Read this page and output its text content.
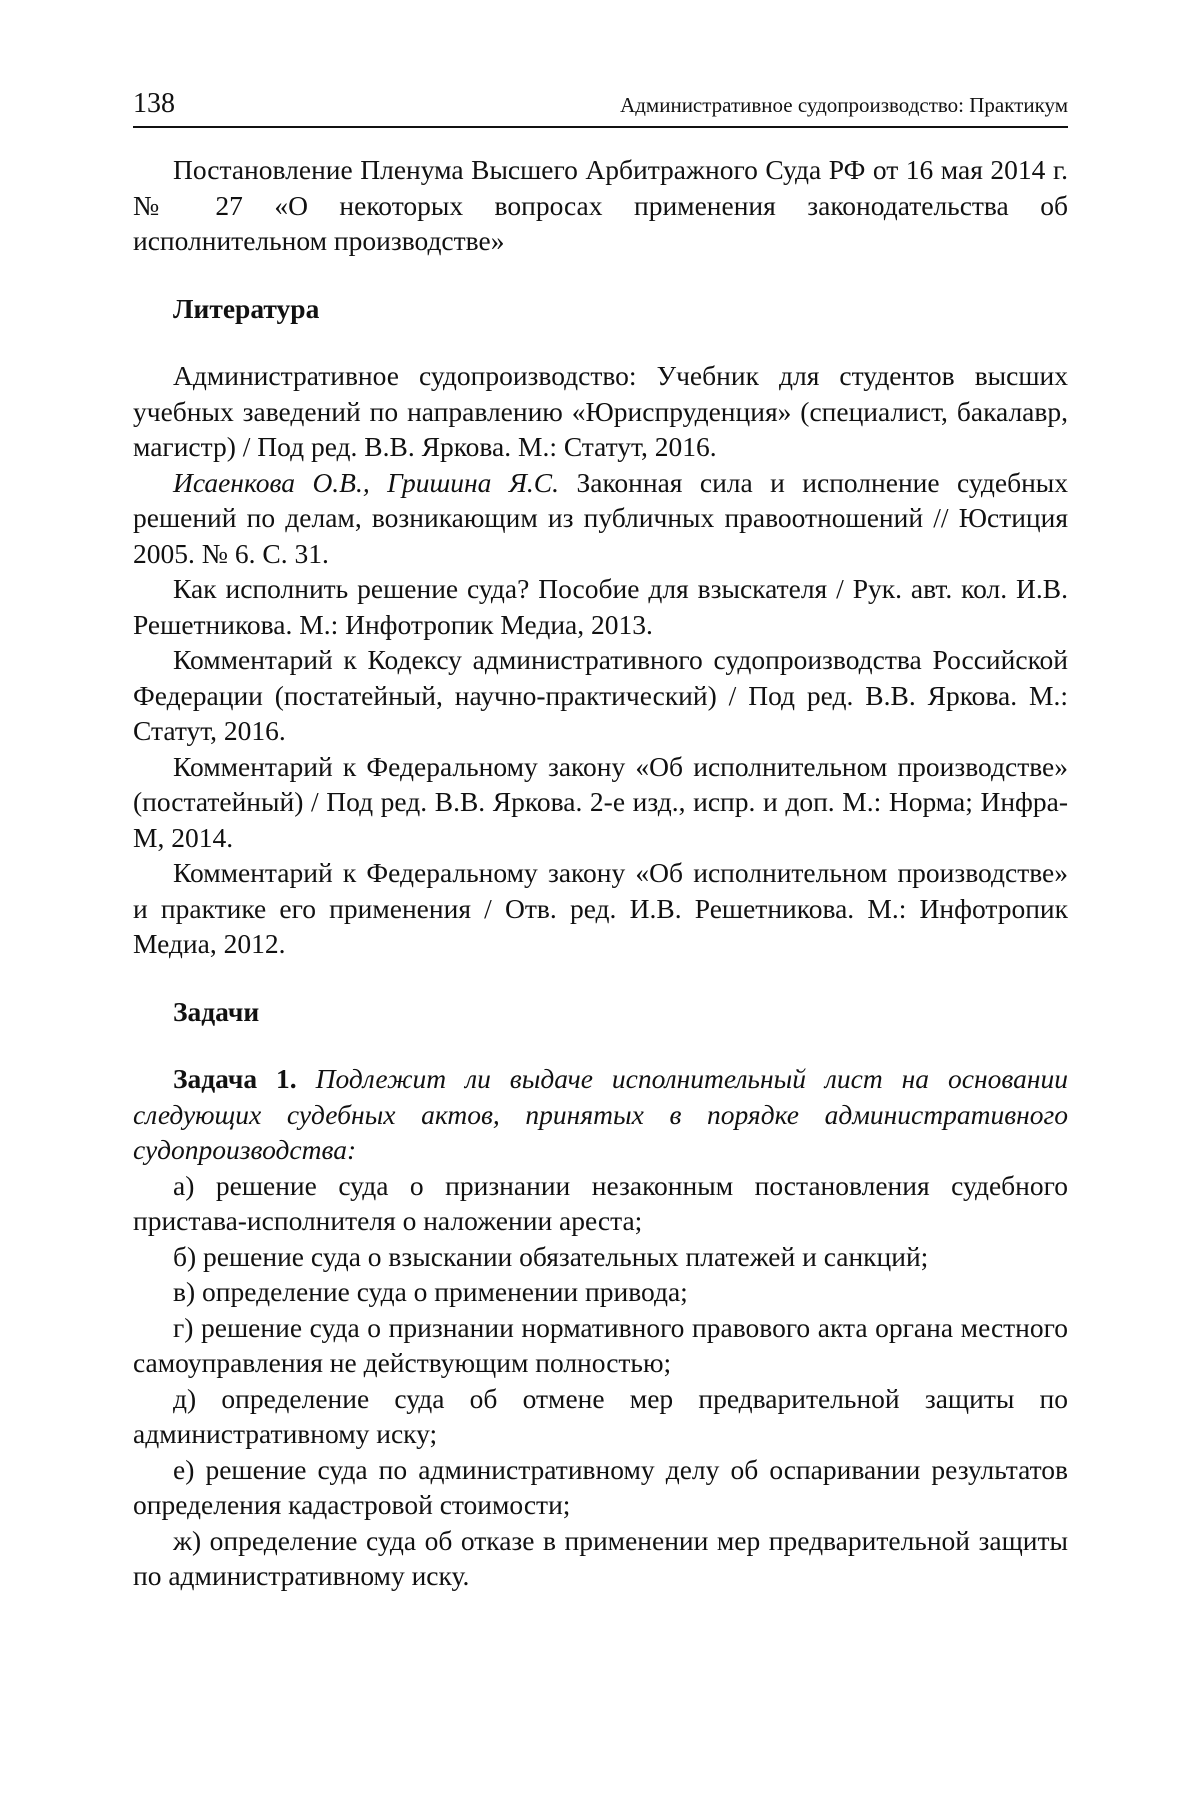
138	Административное судопроизводство: Практикум

Постановление Пленума Высшего Арбитражного Суда РФ от 16 мая 2014 г. № 27 «О некоторых вопросах применения законодательства об исполнительном производстве»

Литература

Административное судопроизводство: Учебник для студентов высших учебных заведений по направлению «Юриспруденция» (специалист, бакалавр, магистр) / Под ред. В.В. Яркова. М.: Статут, 2016.

Исаенкова О.В., Гришина Я.С. Законная сила и исполнение судебных решений по делам, возникающим из публичных правоотношений // Юстиция 2005. № 6. С. 31.

Как исполнить решение суда? Пособие для взыскателя / Рук. авт. кол. И.В. Решетникова. М.: Инфотропик Медиа, 2013.

Комментарий к Кодексу административного судопроизводства Российской Федерации (постатейный, научно-практический) / Под ред. В.В. Яркова. М.: Статут, 2016.

Комментарий к Федеральному закону «Об исполнительном производстве» (постатейный) / Под ред. В.В. Яркова. 2-е изд., испр. и доп. М.: Норма; Инфра-М, 2014.

Комментарий к Федеральному закону «Об исполнительном производстве» и практике его применения / Отв. ред. И.В. Решетникова. М.: Инфотропик Медиа, 2012.

Задачи

Задача 1. Подлежит ли выдаче исполнительный лист на основании следующих судебных актов, принятых в порядке административного судопроизводства:

а) решение суда о признании незаконным постановления судебного пристава-исполнителя о наложении ареста;

б) решение суда о взыскании обязательных платежей и санкций;

в) определение суда о применении привода;

г) решение суда о признании нормативного правового акта органа местного самоуправления не действующим полностью;

д) определение суда об отмене мер предварительной защиты по административному иску;

е) решение суда по административному делу об оспаривании результатов определения кадастровой стоимости;

ж) определение суда об отказе в применении мер предварительной защиты по административному иску.
